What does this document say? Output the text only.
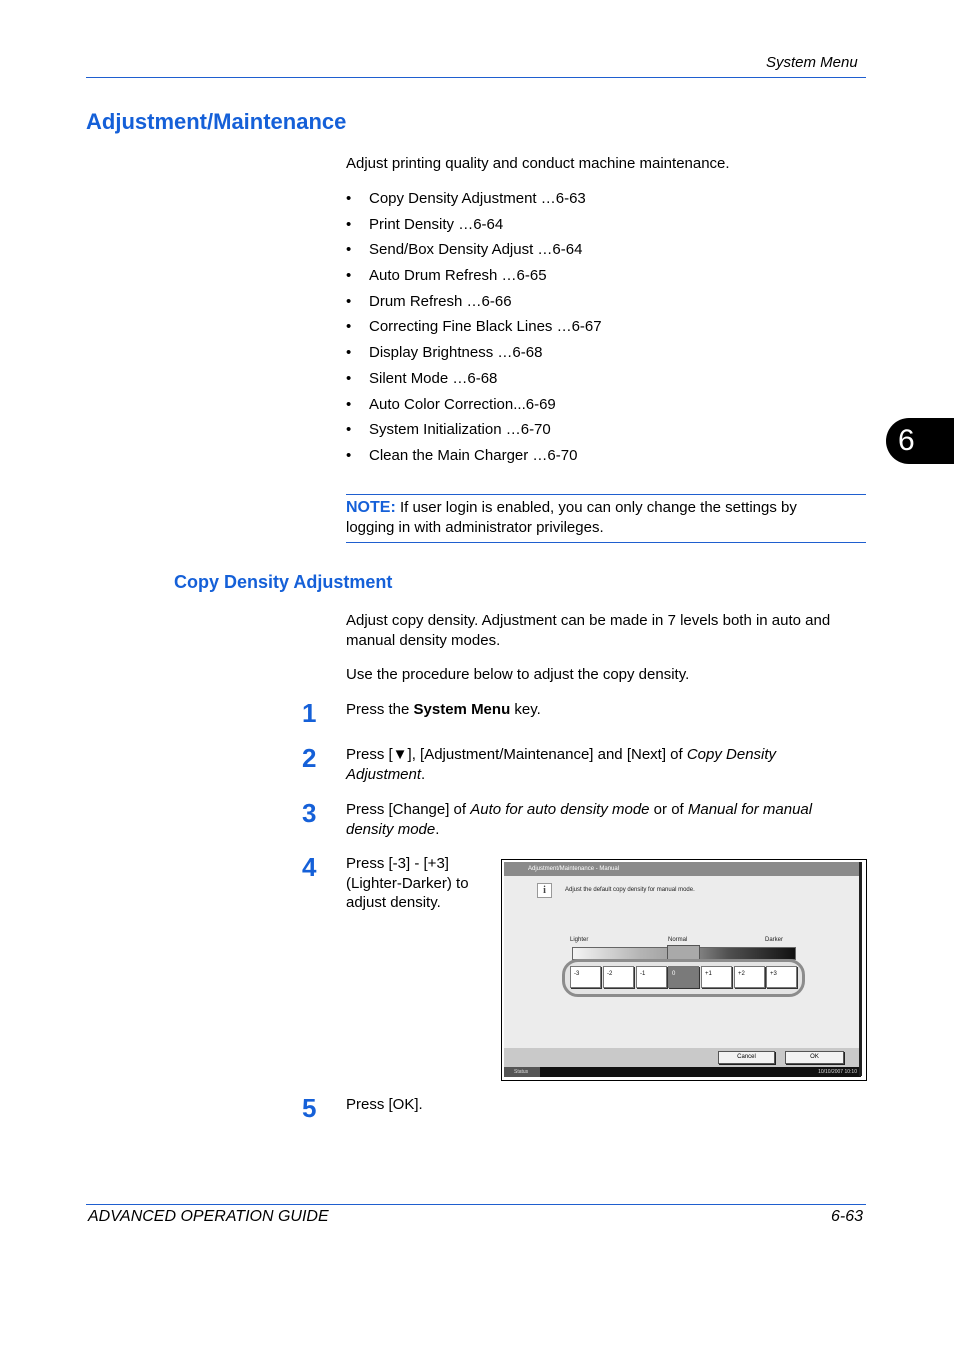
System Menu
6
Adjustment/Maintenance
Adjust printing quality and conduct machine maintenance.
• Copy Density Adjustment …6-63
• Print Density …6-64
• Send/Box Density Adjust …6-64
• Auto Drum Refresh …6-65
• Drum Refresh …6-66
• Correcting Fine Black Lines …6-67
• Display Brightness …6-68
• Silent Mode …6-68
• Auto Color Correction...6-69
• System Initialization …6-70
• Clean the Main Charger …6-70
NOTE: If user login is enabled, you can only change the settings by logging in with administrator privileges.
Copy Density Adjustment
Adjust copy density. Adjustment can be made in 7 levels both in auto and manual density modes.
Use the procedure below to adjust the copy density.
1	Press the System Menu key.
2	Press [▼], [Adjustment/Maintenance] and [Next] of Copy Density Adjustment.
3	Press [Change] of Auto for auto density mode or of Manual for manual density mode.
4	Press [-3] - [+3] (Lighter-Darker) to adjust density.
5	Press [OK].
Adjustment/Maintenance - Manual
i	Adjust the default copy density for manual mode.
Lighter	Normal	Darker
-3	-2	-1	0	+1	+2	+3
Cancel	OK
Status	10/10/2007 10:10
ADVANCED OPERATION GUIDE	6-63
